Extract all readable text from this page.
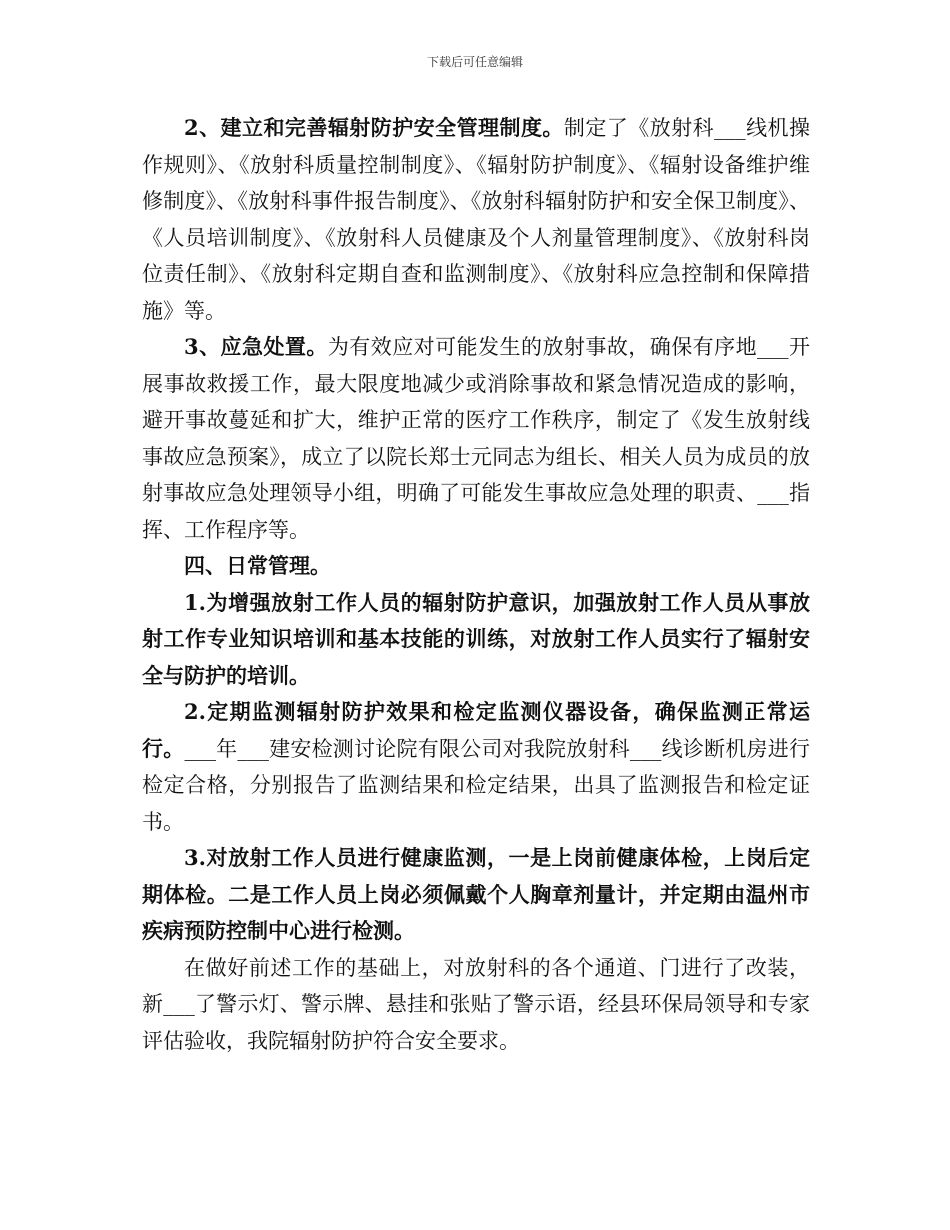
下载后可任意编辑

2、建立和完善辐射防护安全管理制度。制定了《放射科___线机操作规则》、《放射科质量控制制度》、《辐射防护制度》、《辐射设备维护维修制度》、《放射科事件报告制度》、《放射科辐射防护和安全保卫制度》、《人员培训制度》、《放射科人员健康及个人剂量管理制度》、《放射科岗位责任制》、《放射科定期自查和监测制度》、《放射科应急控制和保障措施》等。

3、应急处置。为有效应对可能发生的放射事故，确保有序地___开展事故救援工作，最大限度地减少或消除事故和紧急情况造成的影响，避开事故蔓延和扩大，维护正常的医疗工作秩序，制定了《发生放射线事故应急预案》，成立了以院长郑士元同志为组长、相关人员为成员的放射事故应急处理领导小组，明确了可能发生事故应急处理的职责、___指挥、工作程序等。

四、日常管理。

1.为增强放射工作人员的辐射防护意识，加强放射工作人员从事放射工作专业知识培训和基本技能的训练，对放射工作人员实行了辐射安全与防护的培训。

2.定期监测辐射防护效果和检定监测仪器设备，确保监测正常运行。___年___建安检测讨论院有限公司对我院放射科___线诊断机房进行检定合格，分别报告了监测结果和检定结果，出具了监测报告和检定证书。

3.对放射工作人员进行健康监测，一是上岗前健康体检，上岗后定期体检。二是工作人员上岗必须佩戴个人胸章剂量计，并定期由温州市疾病预防控制中心进行检测。

在做好前述工作的基础上，对放射科的各个通道、门进行了改装，新___了警示灯、警示牌、悬挂和张贴了警示语，经县环保局领导和专家评估验收，我院辐射防护符合安全要求。
